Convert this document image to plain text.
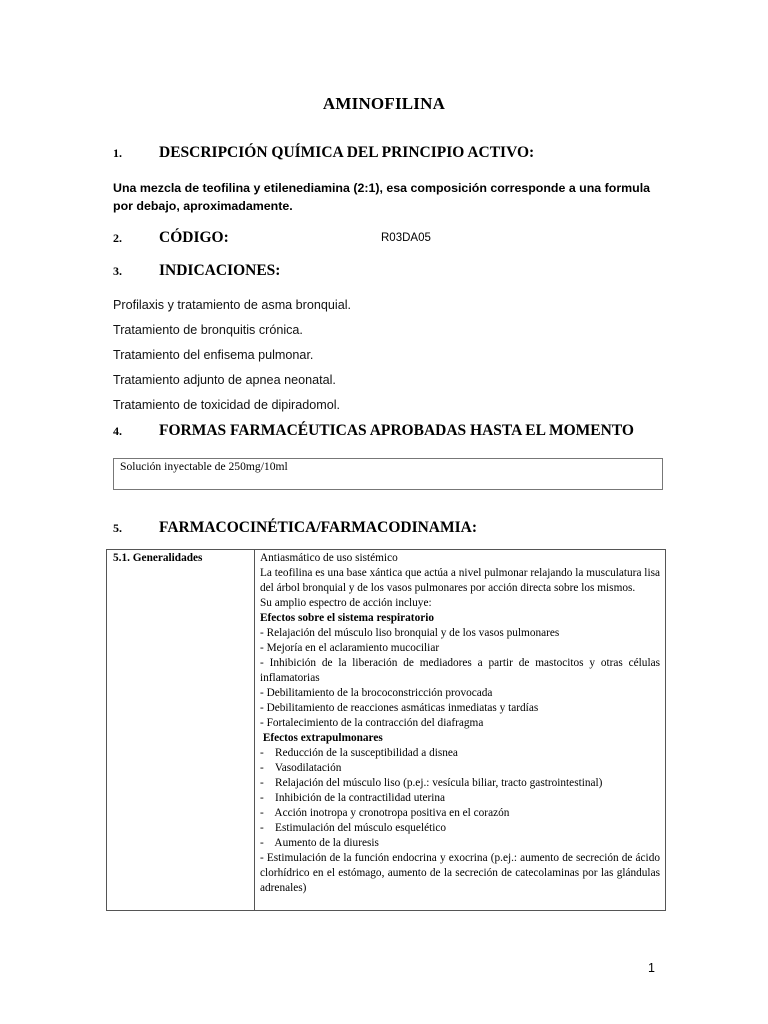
AMINOFILINA
1.	DESCRIPCIÓN QUÍMICA DEL PRINCIPIO ACTIVO:
Una mezcla de teofilina y etilenediamina (2:1), esa composición corresponde a una formula por debajo, aproximadamente.
2.	CÓDIGO:	R03DA05
3.	INDICACIONES:
Profilaxis y tratamiento de asma bronquial.
Tratamiento de bronquitis crónica.
Tratamiento del enfisema pulmonar.
Tratamiento adjunto de apnea neonatal.
Tratamiento de toxicidad de dipiradomol.
4.	FORMAS FARMACÉUTICAS APROBADAS HASTA EL MOMENTO
Solución inyectable de 250mg/10ml
5.	FARMACOCINÉTICA/FARMACODINAMIA:
5.1. Generalidades	Antiasmático de uso sistémico
La teofilina es una base xántica que actúa a nivel pulmonar relajando la musculatura lisa del árbol bronquial y de los vasos pulmonares por acción directa sobre los mismos.
Su amplio espectro de acción incluye:
Efectos sobre el sistema respiratorio
- Relajación del músculo liso bronquial y de los vasos pulmonares
- Mejoría en el aclaramiento mucociliar
- Inhibición de la liberación de mediadores a partir de mastocitos y otras células inflamatorias
- Debilitamiento de la brococonstricción provocada
- Debilitamiento de reacciones asmáticas inmediatas y tardías
- Fortalecimiento de la contracción del diafragma
Efectos extrapulmonares
-    Reducción de la susceptibilidad a disnea
-    Vasodilatación
-    Relajación del músculo liso (p.ej.: vesícula biliar, tracto gastrointestinal)
-    Inhibición de la contractilidad uterina
-    Acción inotropa y cronotropa positiva en el corazón
-    Estimulación del músculo esquelético
-    Aumento de la diuresis
- Estimulación de la función endocrina y exocrina (p.ej.: aumento de secreción de ácido clorhídrico en el estómago, aumento de la secreción de catecolaminas por las glándulas adrenales)
1
